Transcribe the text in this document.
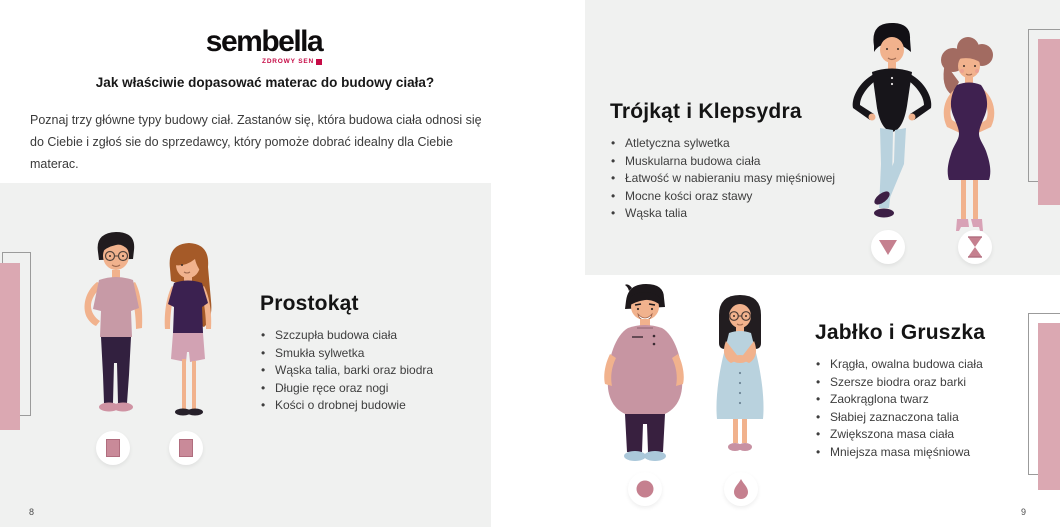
sembella
ZDROWY SEN
Jak właściwie dopasować materac do budowy ciała?
Poznaj trzy główne typy budowy ciał. Zastanów się, która budowa ciała odnosi się do Ciebie i zgłoś sie do sprzedawcy, który pomoże dobrać idealny dla Ciebie materac.
Prostokąt
• Szczupła budowa ciała
• Smukła sylwetka
• Wąska talia, barki oraz biodra
• Długie ręce oraz nogi
• Kości o drobnej budowie
Trójkąt i Klepsydra
• Atletyczna sylwetka
• Muskularna budowa ciała
• Łatwość w nabieraniu masy mięśniowej
• Mocne kości oraz stawy
• Wąska talia
Jabłko i Gruszka
• Krągła, owalna budowa ciała
• Szersze biodra oraz barki
• Zaokrąglona twarz
• Słabiej zaznaczona talia
• Zwiększona masa ciała
• Mniejsza masa mięśniowa
8	9
